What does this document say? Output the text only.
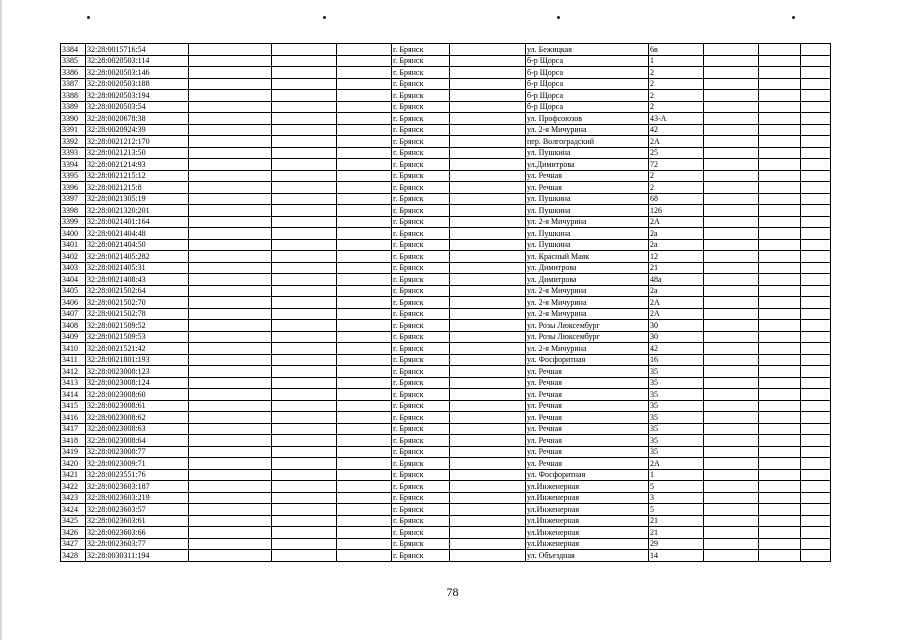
3384	32:28:0015716:54				г. Брянск		ул. Бежицкая	6в			
3385	32:28:0020503:114				г. Брянск		б-р Щорса	1			
3386	32:28:0020503:146				г. Брянск		б-р Щорса	2			
3387	32:28:0020503:188				г. Брянск		б-р Щорса	2			
3388	32:28:0020503:194				г. Брянск		б-р Щорса	2			
3389	32:28:0020503:54				г. Брянск		б-р Щорса	2			
3390	32:28:0020678:38				г. Брянск		ул. Профсоюзов	43-А			
3391	32:28:0020924:39				г. Брянск		ул. 2-я Мичурина	42			
3392	32:28:0021212:170				г. Брянск		пер. Волгоградский	2А			
3393	32:28:0021213:50				г. Брянск		ул. Пушкина	25			
3394	32:28:0021214:93				г. Брянск		ул.Димитрова	72			
3395	32:28:0021215:12				г. Брянск		ул. Речная	2			
3396	32:28:0021215:8				г. Брянск		ул. Речная	2			
3397	32:28:0021305:19				г. Брянск		ул. Пушкина	68			
3398	32:28:0021320:201				г. Брянск		ул. Пушкина	126			
3399	32:28:0021401:164				г. Брянск		ул. 2-я Мичурина	2А			
3400	32:28:0021404:48				г. Брянск		ул. Пушкина	2а			
3401	32:28:0021404:50				г. Брянск		ул. Пушкина	2а			
3402	32:28:0021405:282				г. Брянск		ул. Красный Маяк	12			
3403	32:28:0021405:31				г. Брянск		ул. Димитрова	21			
3404	32:28:0021408:43				г. Брянск		ул. Димитрова	48а			
3405	32:28:0021502:64				г. Брянск		ул. 2-я Мичурина	2а			
3406	32:28:0021502:70				г. Брянск		ул. 2-я Мичурина	2А			
3407	32:28:0021502:78				г. Брянск		ул. 2-я Мичурина	2А			
3408	32:28:0021509:52				г. Брянск		ул. Розы Люксембург	30			
3409	32:28:0021509:53				г. Брянск		ул. Розы Люксембург	30			
3410	32:28:0021521:42				г. Брянск		ул. 2-я Мичурина	42			
3411	32:28:0021801:193				г. Брянск		ул. Фосфоритная	16			
3412	32:28:0023008:123				г. Брянск		ул. Речная	35			
3413	32:28:0023008:124				г. Брянск		ул. Речная	35			
3414	32:28:0023008:60				г. Брянск		ул. Речная	35			
3415	32:28:0023008:61				г. Брянск		ул. Речная	35			
3416	32:28:0023008:62				г. Брянск		ул. Речная	35			
3417	32:28:0023008:63				г. Брянск		ул. Речная	35			
3418	32:28:0023008:64				г. Брянск		ул. Речная	35			
3419	32:28:0023008:77				г. Брянск		ул. Речная	35			
3420	32:28:0023009:71				г. Брянск		ул. Речная	2А			
3421	32:28:0023551:76				г. Брянск		ул. Фосфоритная	1			
3422	32:28:0023603:187				г. Брянск		ул.Инженерная	5			
3423	32:28:0023603:219				г. Брянск		ул.Инженерная	3			
3424	32:28:0023603:57				г. Брянск		ул.Инженерная	5			
3425	32:28:0023603:61				г. Брянск		ул.Инженерная	21			
3426	32:28:0023603:66				г. Брянск		ул.Инженерная	21			
3427	32:28:0023603:77				г. Брянск		ул.Инженерная	29			
3428	32:28:0030311:194				г. Брянск		ул. Объездная	14			
78
